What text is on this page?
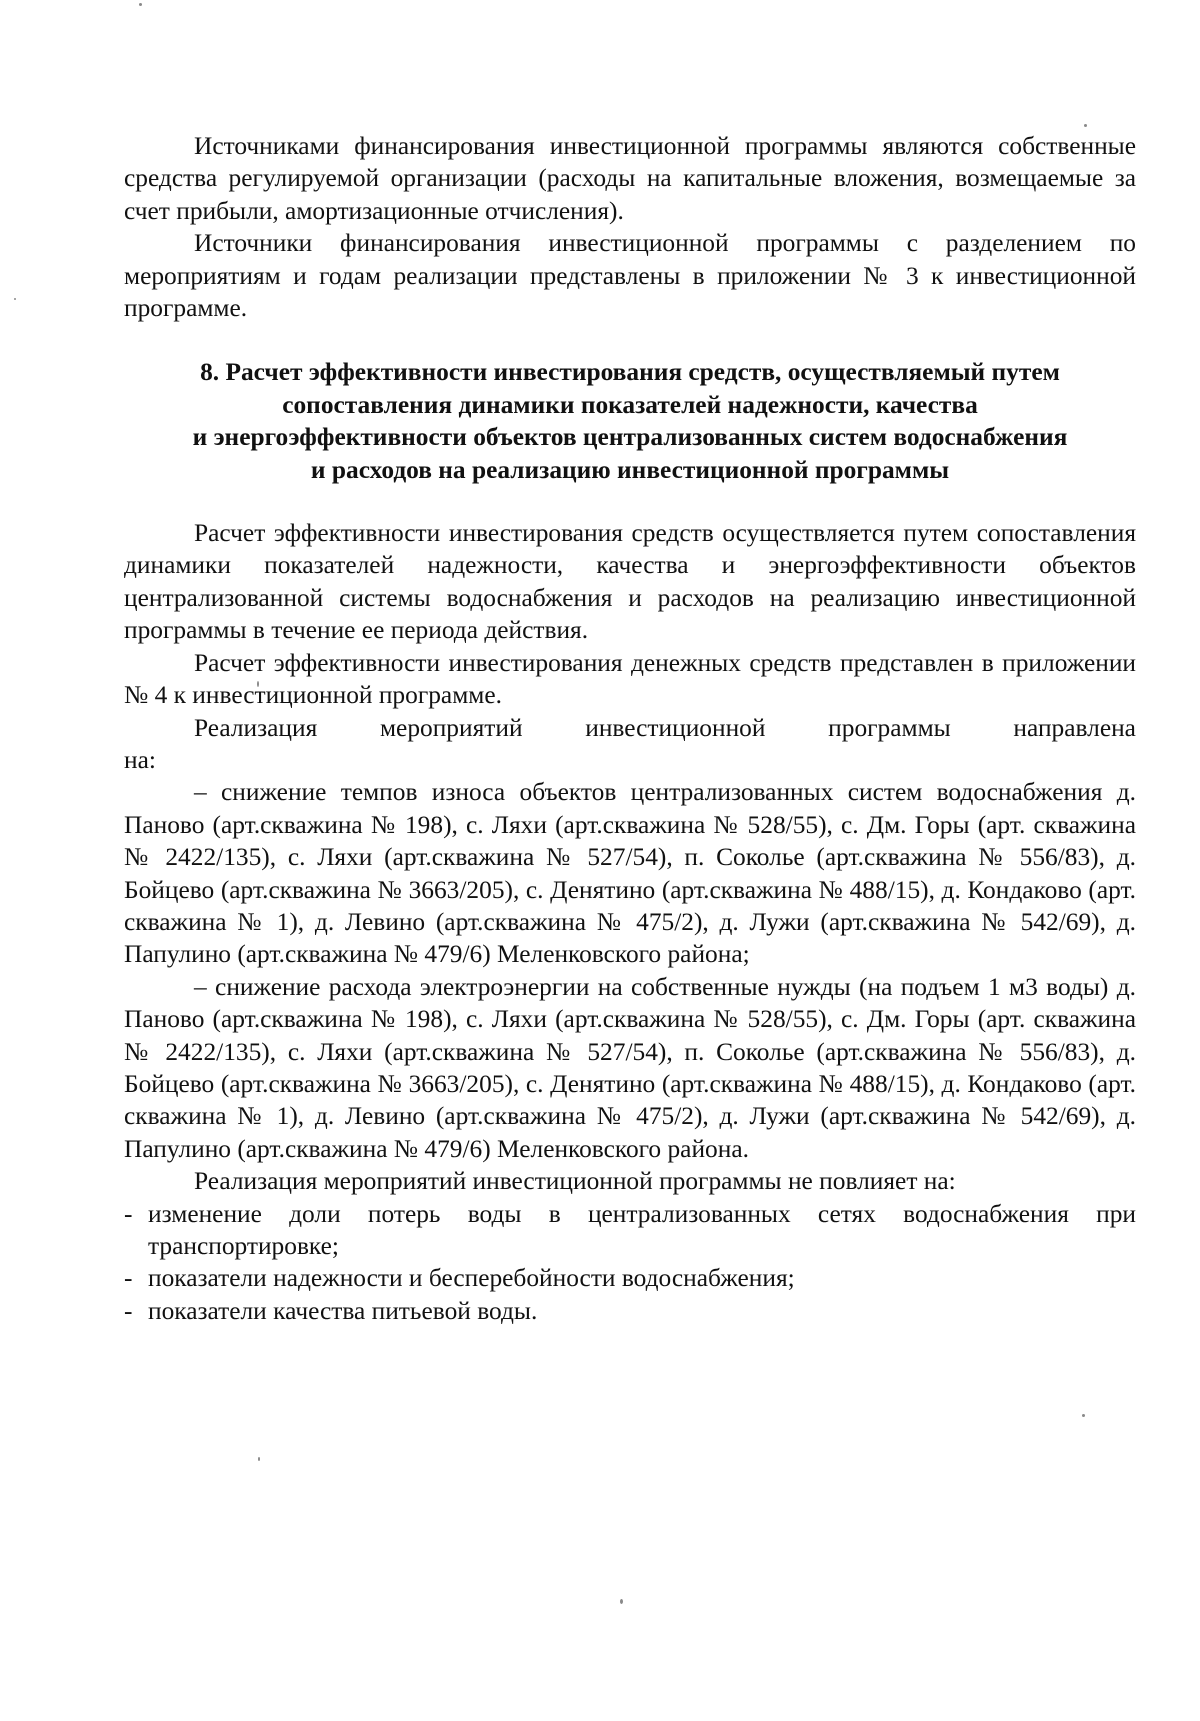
Источниками финансирования инвестиционной программы являются собственные средства регулируемой организации (расходы на капитальные вложения, возмещаемые за счет прибыли, амортизационные отчисления).

Источники финансирования инвестиционной программы с разделением по мероприятиям и годам реализации представлены в приложении № 3 к инвестиционной программе.

8. Расчет эффективности инвестирования средств, осуществляемый путем
сопоставления динамики показателей надежности, качества
и энергоэффективности объектов централизованных систем водоснабжения
и расходов на реализацию инвестиционной программы

Расчет эффективности инвестирования средств осуществляется путем сопоставления динамики показателей надежности, качества и энергоэффективности объектов централизованной системы водоснабжения и расходов на реализацию инвестиционной программы в течение ее периода действия.

Расчет эффективности инвестирования денежных средств представлен в приложении № 4 к инвестиционной программе.

Реализация мероприятий инвестиционной программы направлена

на:

– снижение темпов износа объектов централизованных систем водоснабжения д. Паново (арт.скважина № 198), с. Ляхи (арт.скважина № 528/55), с. Дм. Горы (арт. скважина № 2422/135), с. Ляхи (арт.скважина № 527/54), п. Соколье (арт.скважина № 556/83), д. Бойцево (арт.скважина № 3663/205), с. Денятино (арт.скважина № 488/15), д. Кондаково (арт. скважина № 1), д. Левино (арт.скважина № 475/2), д. Лужи (арт.скважина № 542/69), д. Папулино (арт.скважина № 479/6) Меленковского района;

– снижение расхода электроэнергии на собственные нужды (на подъем 1 м3 воды) д. Паново (арт.скважина № 198), с. Ляхи (арт.скважина № 528/55), с. Дм. Горы (арт. скважина № 2422/135), с. Ляхи (арт.скважина № 527/54), п. Соколье (арт.скважина № 556/83), д. Бойцево (арт.скважина № 3663/205), с. Денятино (арт.скважина № 488/15), д. Кондаково (арт. скважина № 1), д. Левино (арт.скважина № 475/2), д. Лужи (арт.скважина № 542/69), д. Папулино (арт.скважина № 479/6) Меленковского района.

Реализация мероприятий инвестиционной программы не повлияет на:

- изменение доли потерь воды в централизованных сетях водоснабжения при транспортировке;
- показатели надежности и бесперебойности водоснабжения;
- показатели качества питьевой воды.
